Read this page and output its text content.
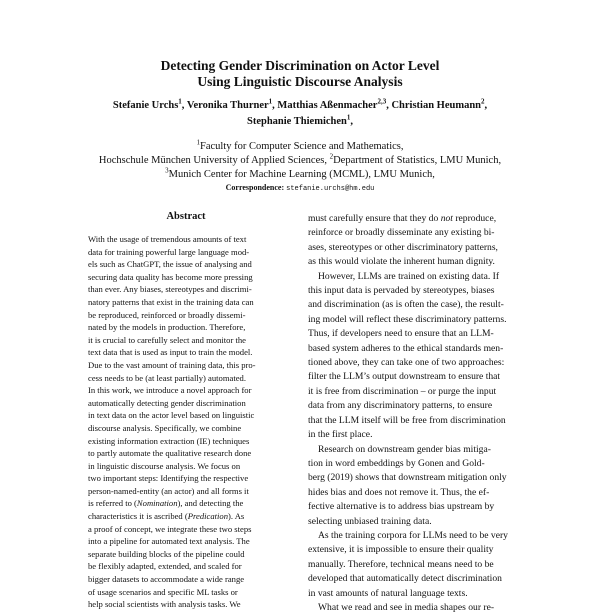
Detecting Gender Discrimination on Actor Level
Using Linguistic Discourse Analysis
Stefanie Urchs$^1$, Veronika Thurner$^1$, Matthias Aßenmacher$^{2,3}$, Christian Heumann$^2$,
Stephanie Thiemichen$^1$,
$^1$Faculty for Computer Science and Mathematics,
Hochschule München University of Applied Sciences, $^2$Department of Statistics, LMU Munich,
$^3$Munich Center for Machine Learning (MCML), LMU Munich,
Correspondence: stefanie.urchs@hm.edu
Abstract
With the usage of tremendous amounts of text
data for training powerful large language mod-
els such as ChatGPT, the issue of analysing and
securing data quality has become more pressing
than ever. Any biases, stereotypes and discrimi-
natory patterns that exist in the training data can
be reproduced, reinforced or broadly dissemi-
nated by the models in production. Therefore,
it is crucial to carefully select and monitor the
text data that is used as input to train the model.
Due to the vast amount of training data, this pro-
cess needs to be (at least partially) automated.
In this work, we introduce a novel approach for
automatically detecting gender discrimination
in text data on the actor level based on linguistic
discourse analysis. Specifically, we combine
existing information extraction (IE) techniques
to partly automate the qualitative research done
in linguistic discourse analysis. We focus on
two important steps: Identifying the respective
person-named-entity (an actor) and all forms it
is referred to (Nomination), and detecting the
characteristics it is ascribed (Predication). As
a proof of concept, we integrate these two steps
into a pipeline for automated text analysis. The
separate building blocks of the pipeline could
be flexibly adapted, extended, and scaled for
bigger datasets to accommodate a wide range
of usage scenarios and specific ML tasks or
help social scientists with analysis tasks. We
must carefully ensure that they do not reproduce,
reinforce or broadly disseminate any existing bi-
ases, stereotypes or other discriminatory patterns,
as this would violate the inherent human dignity.
However, LLMs are trained on existing data. If
this input data is pervaded by stereotypes, biases
and discrimination (as is often the case), the result-
ing model will reflect these discriminatory patterns.
Thus, if developers need to ensure that an LLM-
based system adheres to the ethical standards men-
tioned above, they can take one of two approaches:
filter the LLM’s output downstream to ensure that
it is free from discrimination – or purge the input
data from any discriminatory patterns, to ensure
that the LLM itself will be free from discrimination
in the first place.
Research on downstream gender bias mitiga-
tion in word embeddings by Gonen and Gold-
berg (2019) shows that downstream mitigation only
hides bias and does not remove it. Thus, the ef-
fective alternative is to address bias upstream by
selecting unbiased training data.
As the training corpora for LLMs need to be very
extensive, it is impossible to ensure their quality
manually. Therefore, technical means need to be
developed that automatically detect discrimination
in vast amounts of natural language texts.
What we read and see in media shapes our re-
